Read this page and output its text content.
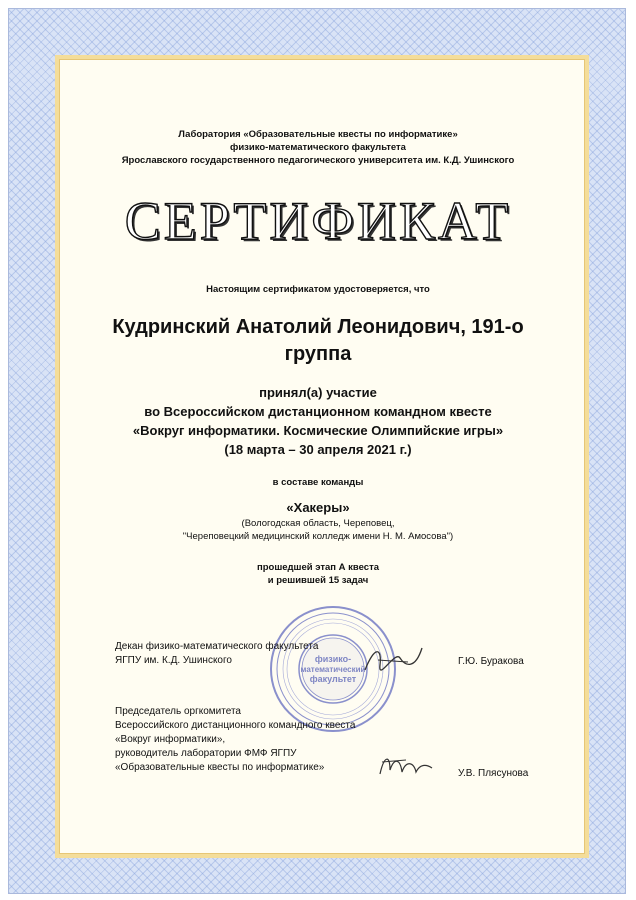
Лаборатория «Образовательные квесты по информатике»
физико-математического факультета
Ярославского государственного педагогического университета им. К.Д. Ушинского
СЕРТИФИКАТ
Настоящим сертификатом удостоверяется, что
Кудринский Анатолий Леонидович, 191-о
группа
принял(а) участие
во Всероссийском дистанционном командном квесте
«Вокруг информатики. Космические Олимпийские игры»
(18 марта – 30 апреля 2021 г.)
в составе команды
«Хакеры»
(Вологодская область, Череповец,
"Череповецкий медицинский колледж имени Н. М. Амосова")
прошедшей этап А квеста
и решившей 15 задач
физико-
математический
факультет
Декан физико-математического факультета
ЯГПУ им. К.Д. Ушинского	Г.Ю. Буракова
Председатель оргкомитета
Всероссийского дистанционного командного квеста
«Вокруг информатики»,
руководитель лаборатории ФМФ ЯГПУ
«Образовательные квесты по информатике»
У.В. Плясунова
